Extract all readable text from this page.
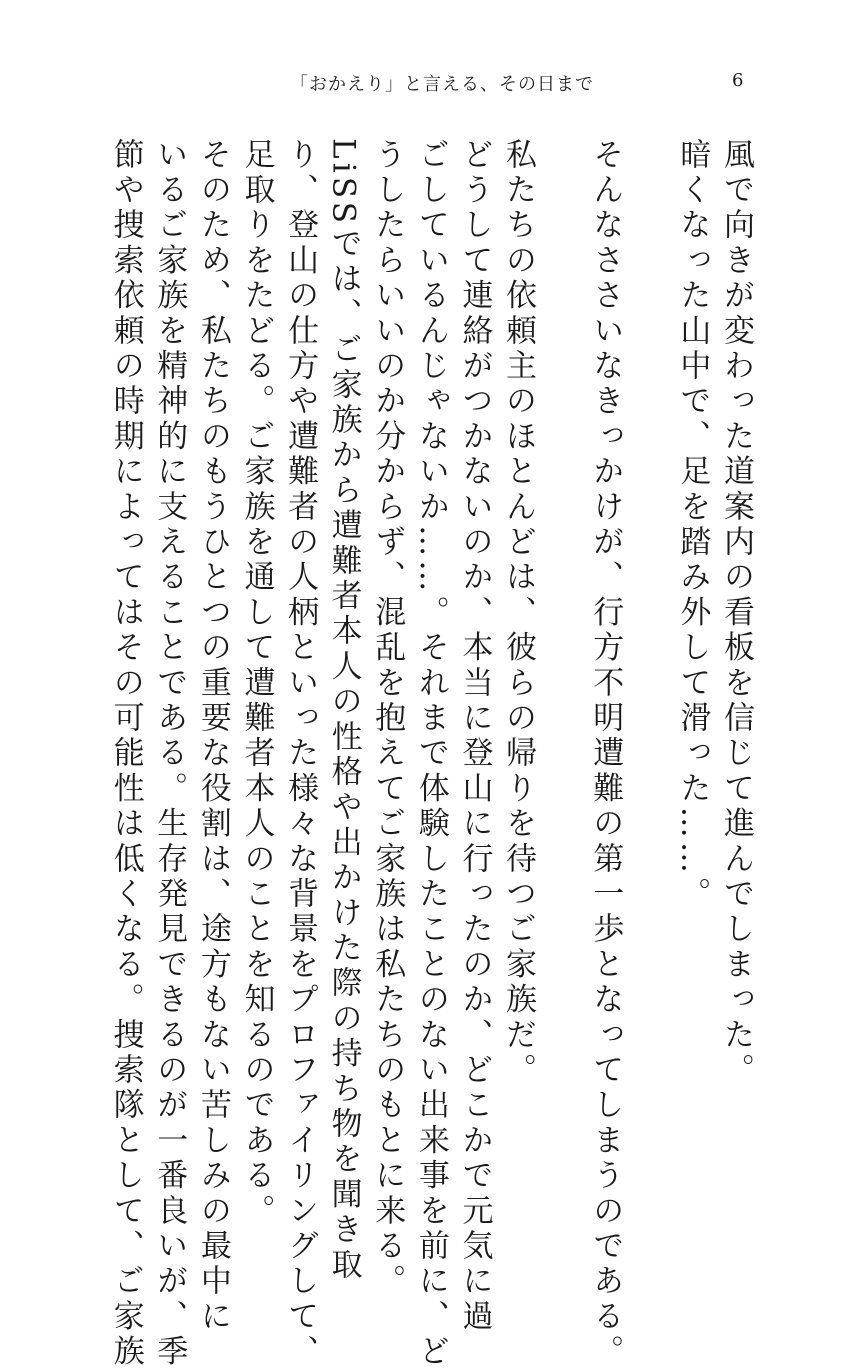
「おかえり」と言える、その日まで	6
風で向きが変わった道案内の看板を信じて進んでしまった。
暗くなった山中で、足を踏み外して滑った……。

そんなささいなきっかけが、行方不明遭難の第一歩となってしまうのである。

私たちの依頼主のほとんどは、彼らの帰りを待つご家族だ。
どうして連絡がつかないのか、本当に登山に行ったのか、どこかで元気に過
ごしているんじゃないか……。それまで体験したことのない出来事を前に、ど
うしたらいいのか分からず、混乱を抱えてご家族は私たちのもとに来る。
LiSSでは、ご家族から遭難者本人の性格や出かけた際の持ち物を聞き取
り、登山の仕方や遭難者の人柄といった様々な背景をプロファイリングして、
足取りをたどる。ご家族を通して遭難者本人のことを知るのである。
そのため、私たちのもうひとつの重要な役割は、途方もない苦しみの最中に
いるご家族を精神的に支えることである。生存発見できるのが一番良いが、季
節や捜索依頼の時期によってはその可能性は低くなる。捜索隊として、ご家族
